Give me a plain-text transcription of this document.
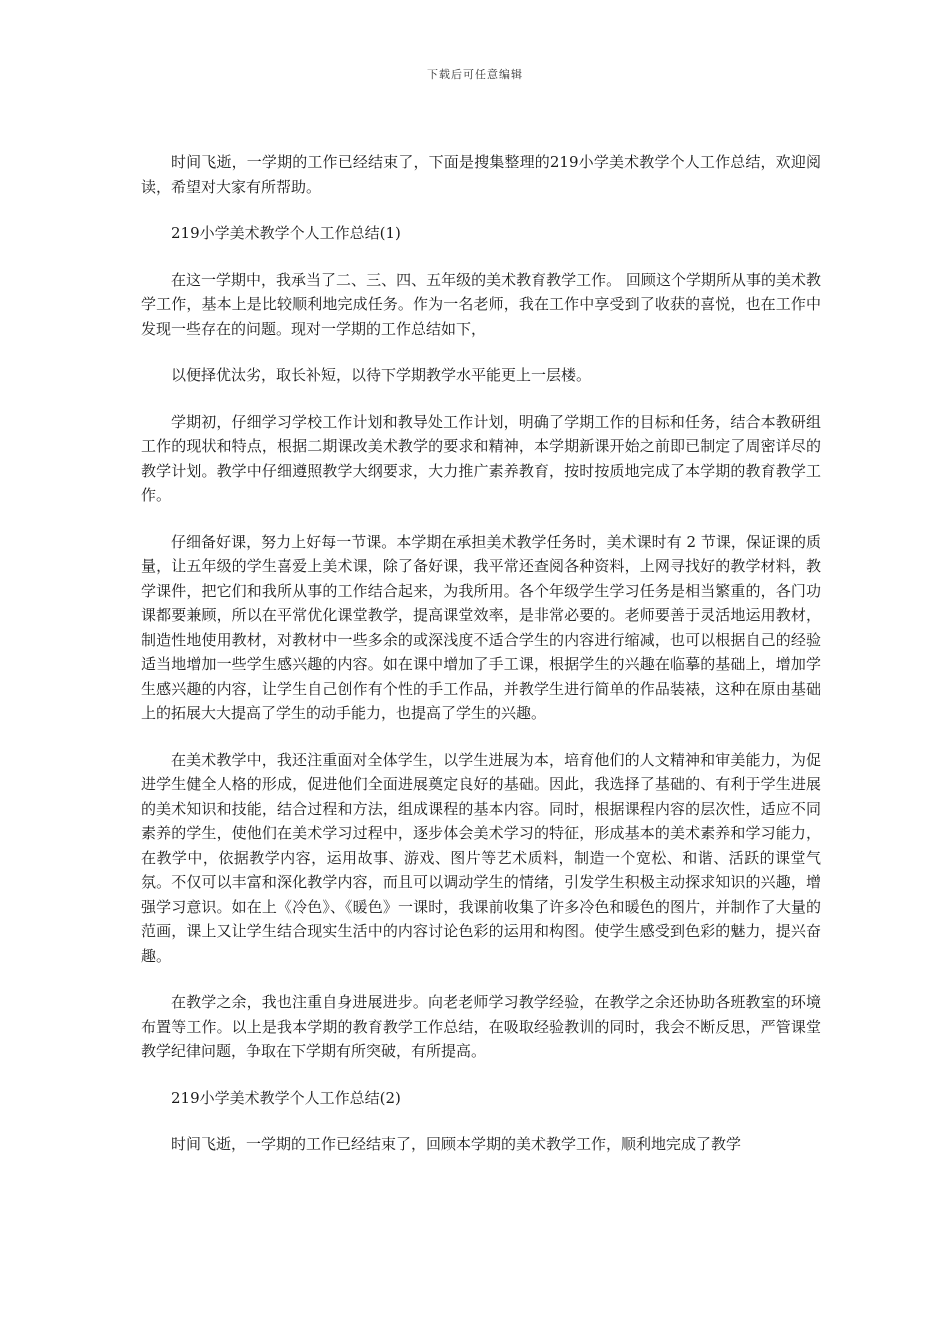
下载后可任意编辑

时间飞逝，一学期的工作已经结束了，下面是搜集整理的219小学美术教学个人工作总结，欢迎阅读，希望对大家有所帮助。

219小学美术教学个人工作总结(1)

在这一学期中，我承当了二、三、四、五年级的美术教育教学工作。 回顾这个学期所从事的美术教学工作，基本上是比较顺利地完成任务。作为一名老师，我在工作中享受到了收获的喜悦，也在工作中发现一些存在的问题。现对一学期的工作总结如下，

以便择优汰劣，取长补短，以待下学期教学水平能更上一层楼。

学期初，仔细学习学校工作计划和教导处工作计划，明确了学期工作的目标和任务，结合本教研组工作的现状和特点，根据二期课改美术教学的要求和精神，本学期新课开始之前即已制定了周密详尽的教学计划。教学中仔细遵照教学大纲要求，大力推广素养教育，按时按质地完成了本学期的教育教学工作。

仔细备好课，努力上好每一节课。本学期在承担美术教学任务时，美术课时有 2 节课，保证课的质量，让五年级的学生喜爱上美术课，除了备好课，我平常还查阅各种资料，上网寻找好的教学材料，教学课件，把它们和我所从事的工作结合起来，为我所用。各个年级学生学习任务是相当繁重的，各门功课都要兼顾，所以在平常优化课堂教学，提高课堂效率，是非常必要的。老师要善于灵活地运用教材，制造性地使用教材，对教材中一些多余的或深浅度不适合学生的内容进行缩减，也可以根据自己的经验适当地增加一些学生感兴趣的内容。如在课中增加了手工课，根据学生的兴趣在临摹的基础上，增加学生感兴趣的内容，让学生自己创作有个性的手工作品，并教学生进行简单的作品装裱，这种在原由基础上的拓展大大提高了学生的动手能力，也提高了学生的兴趣。

在美术教学中，我还注重面对全体学生，以学生进展为本，培育他们的人文精神和审美能力，为促进学生健全人格的形成，促进他们全面进展奠定良好的基础。因此，我选择了基础的、有利于学生进展的美术知识和技能，结合过程和方法，组成课程的基本内容。同时，根据课程内容的层次性，适应不同素养的学生，使他们在美术学习过程中，逐步体会美术学习的特征，形成基本的美术素养和学习能力，在教学中，依据教学内容，运用故事、游戏、图片等艺术质料，制造一个宽松、和谐、活跃的课堂气氛。不仅可以丰富和深化教学内容，而且可以调动学生的情绪，引发学生积极主动探求知识的兴趣，增强学习意识。如在上《冷色》、《暖色》一课时，我课前收集了许多冷色和暖色的图片，并制作了大量的范画，课上又让学生结合现实生活中的内容讨论色彩的运用和构图。使学生感受到色彩的魅力，提兴奋趣。

在教学之余，我也注重自身进展进步。向老老师学习教学经验，在教学之余还协助各班教室的环境布置等工作。以上是我本学期的教育教学工作总结，在吸取经验教训的同时，我会不断反思，严管课堂教学纪律问题，争取在下学期有所突破，有所提高。

219小学美术教学个人工作总结(2)

时间飞逝，一学期的工作已经结束了，回顾本学期的美术教学工作，顺利地完成了教学
